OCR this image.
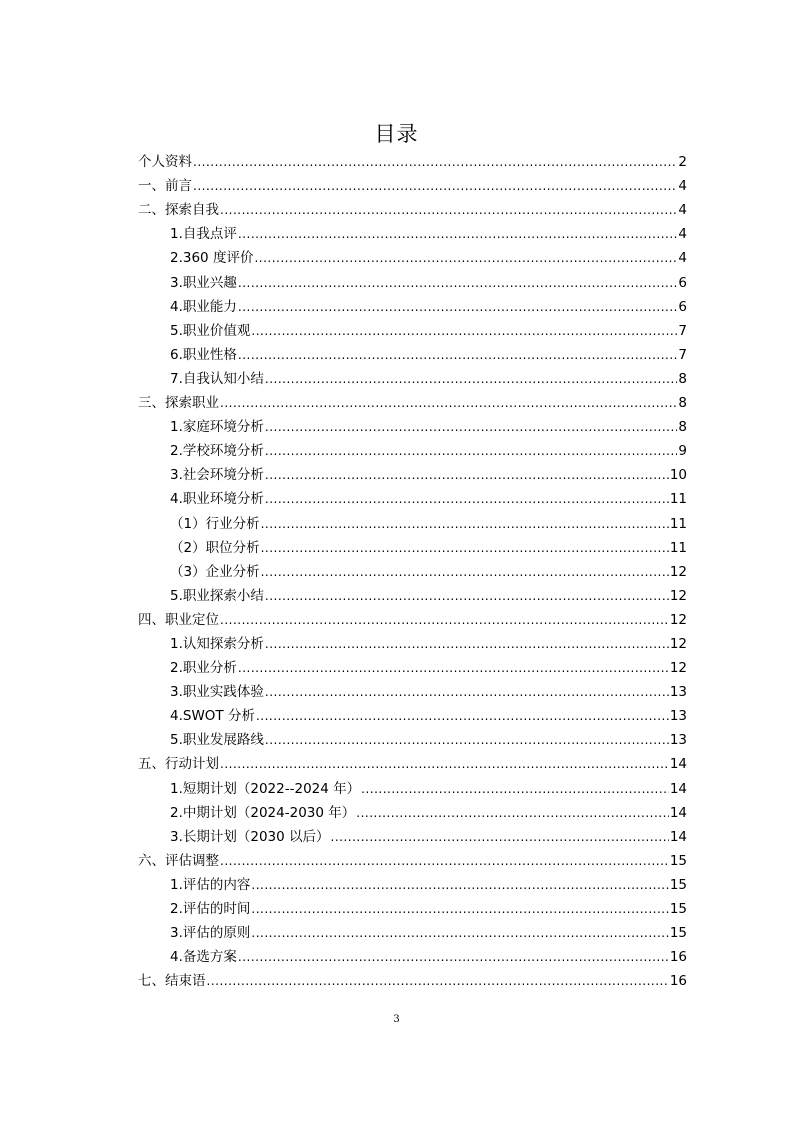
目录
个人资料 .....	2
一、前言 .....	4
二、探索自我 .....	4
1.自我点评 .....	4
2.360 度评价 .....	4
3.职业兴趣 .....	6
4.职业能力 .....	6
5.职业价值观 .....	7
6.职业性格 .....	7
7.自我认知小结 .....	8
三、探索职业 .....	8
1.家庭环境分析 .....	8
2.学校环境分析 .....	9
3.社会环境分析 .....	10
4.职业环境分析 .....	11
（1）行业分析 .....	11
（2）职位分析 .....	11
（3）企业分析 .....	12
5.职业探索小结 .....	12
四、职业定位 .....	12
1.认知探索分析 .....	12
2.职业分析 .....	12
3.职业实践体验 .....	13
4.SWOT 分析 .....	13
5.职业发展路线 .....	13
五、行动计划 .....	14
1.短期计划（2022--2024 年） .....	14
2.中期计划（2024-2030 年） .....	14
3.长期计划（2030 以后） .....	14
六、评估调整 .....	15
1.评估的内容 .....	15
2.评估的时间 .....	15
3.评估的原则 .....	15
4.备选方案 .....	16
七、结束语 .....	16
3
